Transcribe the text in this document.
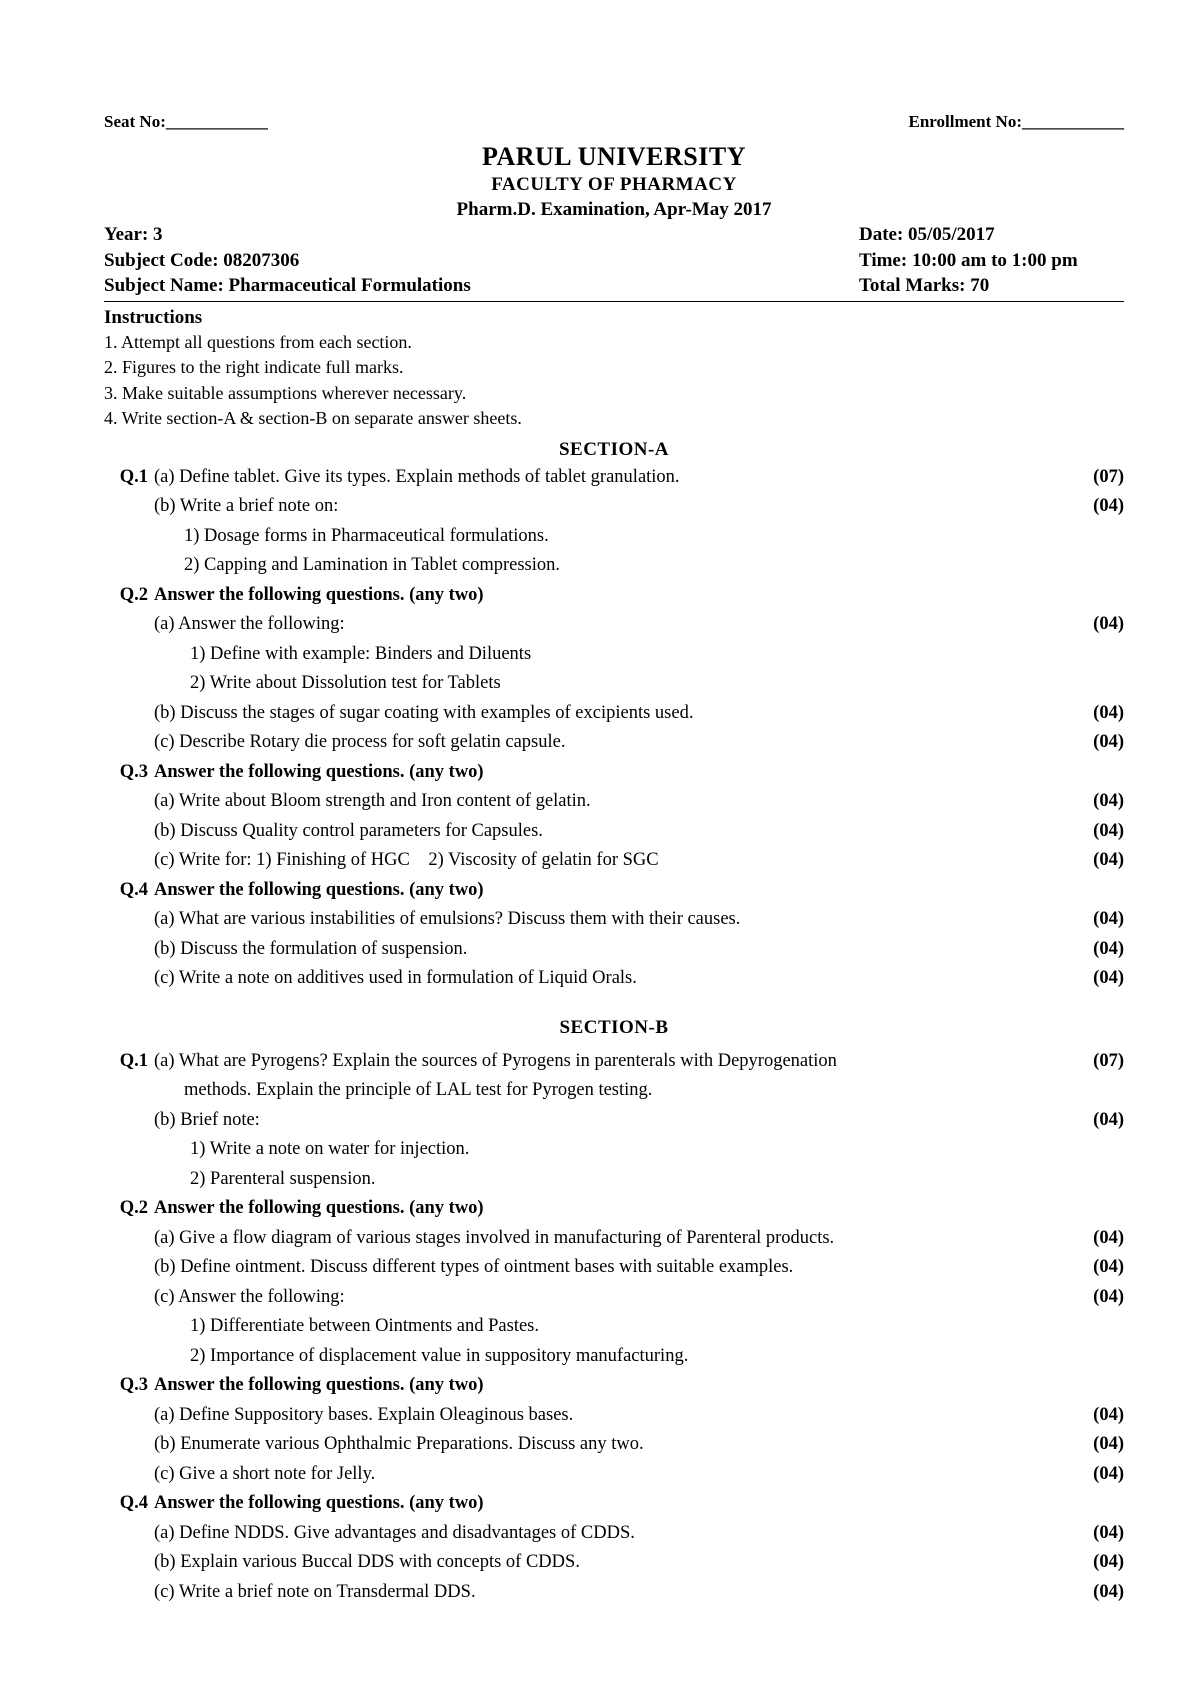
Seat No:____________	Enrollment No:____________
PARUL UNIVERSITY
FACULTY OF PHARMACY
Pharm.D. Examination, Apr-May 2017
Year: 3	Date: 05/05/2017
Subject Code: 08207306	Time: 10:00 am to 1:00 pm
Subject Name: Pharmaceutical Formulations	Total Marks: 70
Instructions
1. Attempt all questions from each section.
2. Figures to the right indicate full marks.
3. Make suitable assumptions wherever necessary.
4. Write section-A & section-B on separate answer sheets.
SECTION-A
Q.1 (a) Define tablet. Give its types. Explain methods of tablet granulation.	(07)
(b) Write a brief note on:	(04)
1) Dosage forms in Pharmaceutical formulations.
2) Capping and Lamination in Tablet compression.
Q.2 Answer the following questions. (any two)
(a) Answer the following:	(04)
1) Define with example: Binders and Diluents
2) Write about Dissolution test for Tablets
(b) Discuss the stages of sugar coating with examples of excipients used.	(04)
(c) Describe Rotary die process for soft gelatin capsule.	(04)
Q.3 Answer the following questions. (any two)
(a) Write about Bloom strength and Iron content of gelatin.	(04)
(b) Discuss Quality control parameters for Capsules.	(04)
(c) Write for: 1) Finishing of HGC    2) Viscosity of gelatin for SGC	(04)
Q.4 Answer the following questions. (any two)
(a) What are various instabilities of emulsions? Discuss them with their causes.	(04)
(b) Discuss the formulation of suspension.	(04)
(c) Write a note on additives used in formulation of Liquid Orals.	(04)
SECTION-B
Q.1 (a) What are Pyrogens? Explain the sources of Pyrogens in parenterals with Depyrogenation	(07)
methods. Explain the principle of LAL test for Pyrogen testing.
(b) Brief note:	(04)
1) Write a note on water for injection.
2) Parenteral suspension.
Q.2 Answer the following questions. (any two)
(a) Give a flow diagram of various stages involved in manufacturing of Parenteral products.	(04)
(b) Define ointment. Discuss different types of ointment bases with suitable examples.	(04)
(c) Answer the following:	(04)
1) Differentiate between Ointments and Pastes.
2) Importance of displacement value in suppository manufacturing.
Q.3 Answer the following questions. (any two)
(a) Define Suppository bases. Explain Oleaginous bases.	(04)
(b) Enumerate various Ophthalmic Preparations. Discuss any two.	(04)
(c) Give a short note for Jelly.	(04)
Q.4 Answer the following questions. (any two)
(a) Define NDDS. Give advantages and disadvantages of CDDS.	(04)
(b) Explain various Buccal DDS with concepts of CDDS.	(04)
(c) Write a brief note on Transdermal DDS.	(04)
